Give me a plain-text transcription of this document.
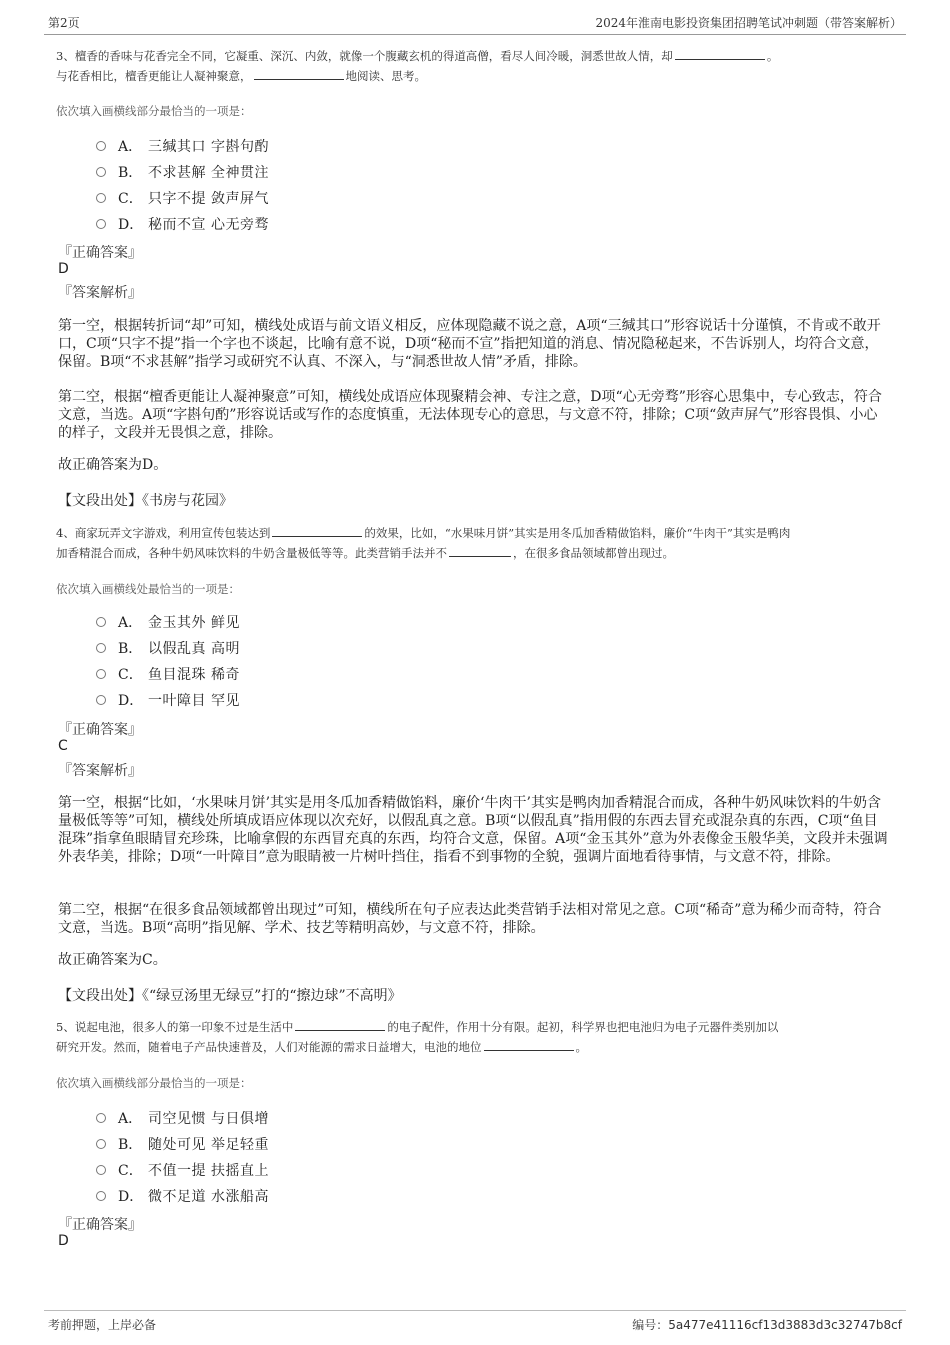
第2页	2024年淮南电影投资集团招聘笔试冲刺题（带答案解析）
3、檀香的香味与花香完全不同，它凝重、深沉、内敛，就像一个腹藏玄机的得道高僧，看尽人间冷暖，洞悉世故人情，却	。
与花香相比，檀香更能让人凝神聚意，	地阅读、思考。
依次填入画横线部分最恰当的一项是：
A． 三缄其口 字斟句酌
B． 不求甚解 全神贯注
C． 只字不提 敛声屏气
D． 秘而不宣 心无旁骛
『正确答案』
D
『答案解析』
第一空，根据转折词“却”可知，横线处成语与前文语义相反，应体现隐藏不说之意，A项“三缄其口”形容说话十分谨慎，不肯或不敢开口，C项“只字不提”指一个字也不谈起，比喻有意不说，D项“秘而不宣”指把知道的消息、情况隐秘起来，不告诉别人，均符合文意，保留。B项“不求甚解”指学习或研究不认真、不深入，与“洞悉世故人情”矛盾，排除。
第二空，根据“檀香更能让人凝神聚意”可知，横线处成语应体现聚精会神、专注之意，D项“心无旁骛”形容心思集中，专心致志，符合文意，当选。A项“字斟句酌”形容说话或写作的态度慎重，无法体现专心的意思，与文意不符，排除；C项“敛声屏气”形容畏惧、小心的样子，文段并无畏惧之意，排除。
故正确答案为D。
【文段出处】《书房与花园》
4、商家玩弄文字游戏，利用宣传包装达到	的效果，比如，“水果味月饼”其实是用冬瓜加香精做馅料，廉价“牛肉干”其实是鸭肉
加香精混合而成，各种牛奶风味饮料的牛奶含量极低等等。此类营销手法并不	，在很多食品领域都曾出现过。
依次填入画横线处最恰当的一项是：
A． 金玉其外 鲜见
B． 以假乱真 高明
C． 鱼目混珠 稀奇
D． 一叶障目 罕见
『正确答案』
C
『答案解析』
第一空，根据“比如，‘水果味月饼’其实是用冬瓜加香精做馅料，廉价‘牛肉干’其实是鸭肉加香精混合而成，各种牛奶风味饮料的牛奶含量极低等等”可知，横线处所填成语应体现以次充好，以假乱真之意。B项“以假乱真”指用假的东西去冒充或混杂真的东西，C项“鱼目混珠”指拿鱼眼睛冒充珍珠，比喻拿假的东西冒充真的东西，均符合文意，保留。A项“金玉其外”意为外表像金玉般华美，文段并未强调外表华美，排除；D项“一叶障目”意为眼睛被一片树叶挡住，指看不到事物的全貌，强调片面地看待事情，与文意不符，排除。
第二空，根据“在很多食品领域都曾出现过”可知，横线所在句子应表达此类营销手法相对常见之意。C项“稀奇”意为稀少而奇特，符合文意，当选。B项“高明”指见解、学术、技艺等精明高妙，与文意不符，排除。
故正确答案为C。
【文段出处】《“绿豆汤里无绿豆”打的“擦边球”不高明》
5、说起电池，很多人的第一印象不过是生活中	的电子配件，作用十分有限。起初，科学界也把电池归为电子元器件类别加以
研究开发。然而，随着电子产品快速普及，人们对能源的需求日益增大，电池的地位	。
依次填入画横线部分最恰当的一项是：
A． 司空见惯 与日俱增
B． 随处可见 举足轻重
C． 不值一提 扶摇直上
D． 微不足道 水涨船高
『正确答案』
D
考前押题，上岸必备	编号：5a477e41116cf13d3883d3c32747b8cf
